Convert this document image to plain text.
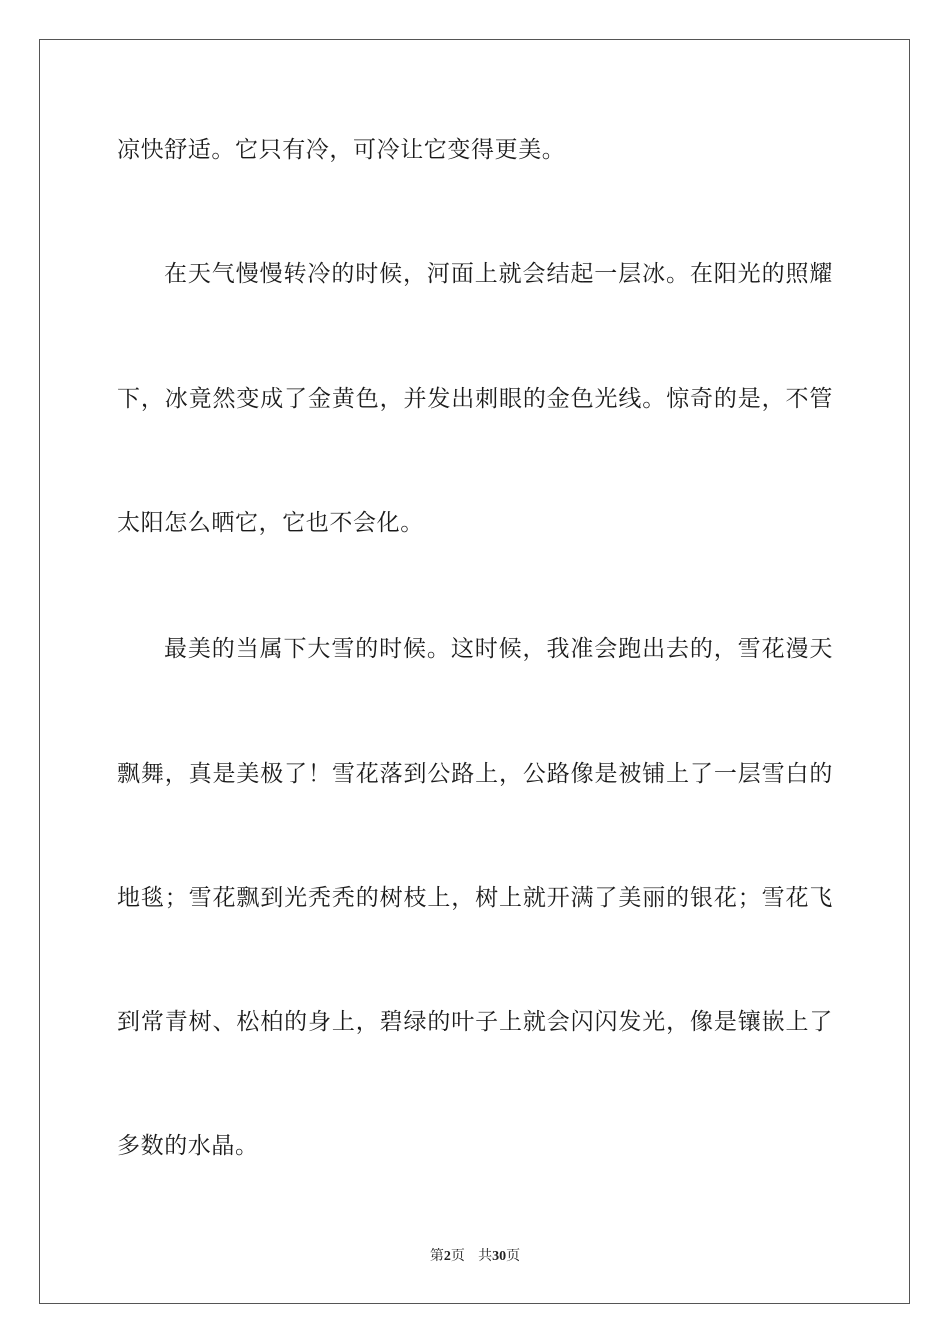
凉快舒适。它只有冷，可冷让它变得更美。
在天气慢慢转冷的时候，河面上就会结起一层冰。在阳光的照耀
下，冰竟然变成了金黄色，并发出刺眼的金色光线。惊奇的是，不管
太阳怎么晒它，它也不会化。
最美的当属下大雪的时候。这时候，我准会跑出去的，雪花漫天
飘舞，真是美极了！雪花落到公路上，公路像是被铺上了一层雪白的
地毯；雪花飘到光秃秃的树枝上，树上就开满了美丽的银花；雪花飞
到常青树、松柏的身上，碧绿的叶子上就会闪闪发光，像是镶嵌上了
多数的水晶。
第2页 共30页
